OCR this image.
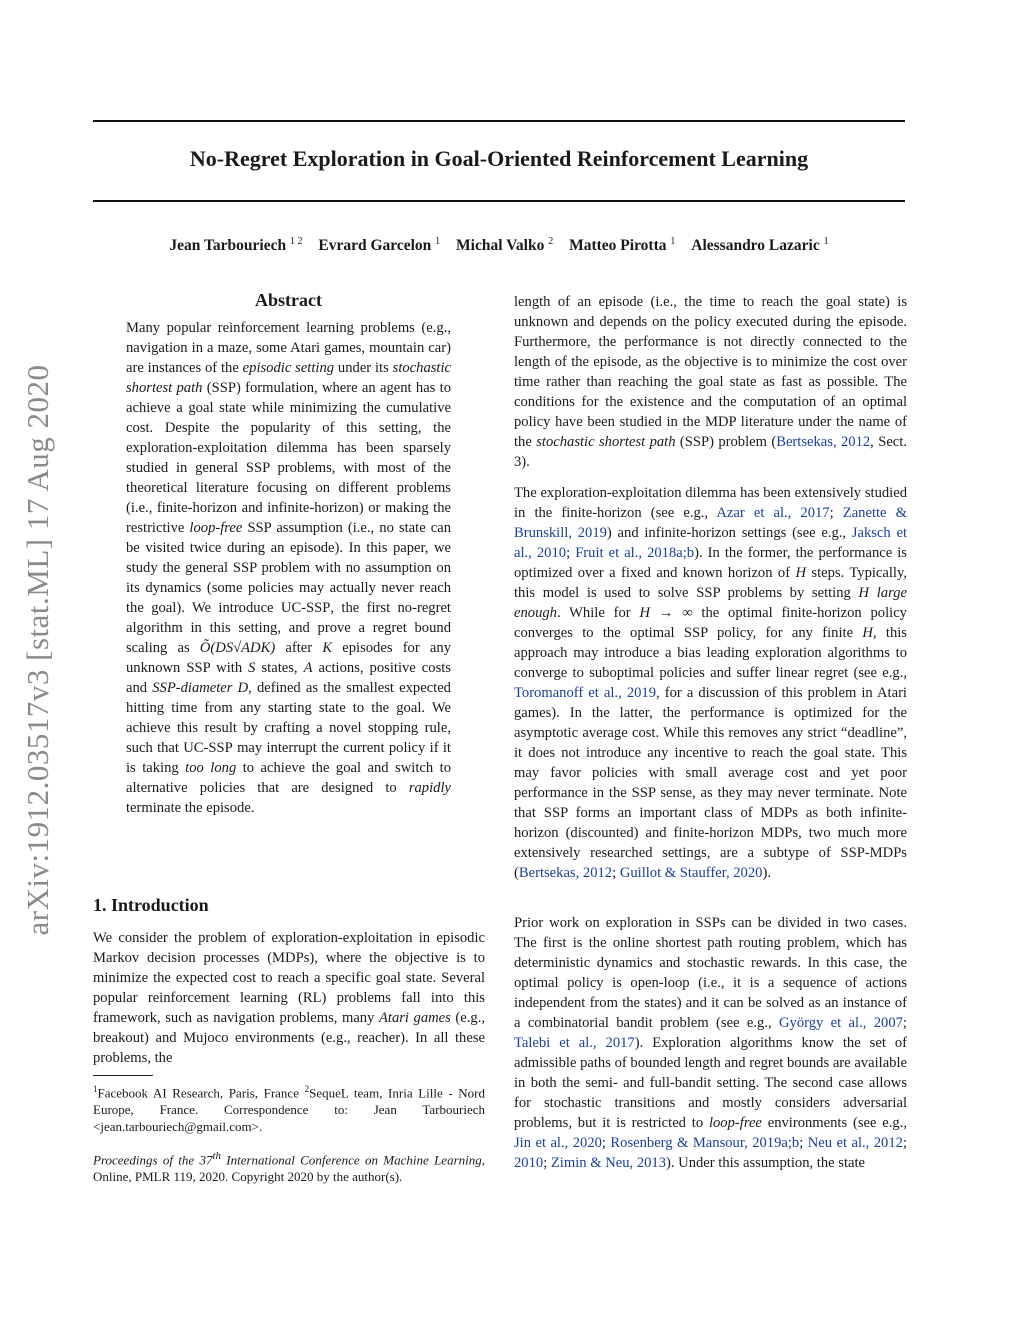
arXiv:1912.03517v3 [stat.ML] 17 Aug 2020
No-Regret Exploration in Goal-Oriented Reinforcement Learning
Jean Tarbouriech $^{1 2}$ Evrard Garcelon $^1$ Michal Valko $^2$ Matteo Pirotta $^1$ Alessandro Lazaric $^1$
Abstract

Many popular reinforcement learning problems (e.g., navigation in a maze, some Atari games, mountain car) are instances of the episodic setting under its stochastic shortest path (SSP) formulation, where an agent has to achieve a goal state while minimizing the cumulative cost. Despite the popularity of this setting, the exploration-exploitation dilemma has been sparsely studied in general SSP problems, with most of the theoretical literature focusing on different problems (i.e., finite-horizon and infinite-horizon) or making the restrictive loop-free SSP assumption (i.e., no state can be visited twice during an episode). In this paper, we study the general SSP problem with no assumption on its dynamics (some policies may actually never reach the goal). We introduce UC-SSP, the first no-regret algorithm in this setting, and prove a regret bound scaling as Õ(DS√ADK) after K episodes for any unknown SSP with S states, A actions, positive costs and SSP-diameter D, defined as the smallest expected hitting time from any starting state to the goal. We achieve this result by crafting a novel stopping rule, such that UC-SSP may interrupt the current policy if it is taking too long to achieve the goal and switch to alternative policies that are designed to rapidly terminate the episode.

1. Introduction

We consider the problem of exploration-exploitation in episodic Markov decision processes (MDPs), where the objective is to minimize the expected cost to reach a specific goal state. Several popular reinforcement learning (RL) problems fall into this framework, such as navigation problems, many Atari games (e.g., breakout) and Mujoco environments (e.g., reacher). In all these problems, the

$^1$Facebook AI Research, Paris, France $^2$SequeL team, Inria Lille - Nord Europe, France. Correspondence to: Jean Tarbouriech <jean.tarbouriech@gmail.com>.

Proceedings of the 37th International Conference on Machine Learning, Online, PMLR 119, 2020. Copyright 2020 by the author(s).

length of an episode (i.e., the time to reach the goal state) is unknown and depends on the policy executed during the episode. Furthermore, the performance is not directly connected to the length of the episode, as the objective is to minimize the cost over time rather than reaching the goal state as fast as possible. The conditions for the existence and the computation of an optimal policy have been studied in the MDP literature under the name of the stochastic shortest path (SSP) problem (Bertsekas, 2012, Sect. 3).

The exploration-exploitation dilemma has been extensively studied in the finite-horizon (see e.g., Azar et al., 2017; Zanette & Brunskill, 2019) and infinite-horizon settings (see e.g., Jaksch et al., 2010; Fruit et al., 2018a;b). In the former, the performance is optimized over a fixed and known horizon of H steps. Typically, this model is used to solve SSP problems by setting H large enough. While for H → ∞ the optimal finite-horizon policy converges to the optimal SSP policy, for any finite H, this approach may introduce a bias leading exploration algorithms to converge to suboptimal policies and suffer linear regret (see e.g., Toromanoff et al., 2019, for a discussion of this problem in Atari games). In the latter, the performance is optimized for the asymptotic average cost. While this removes any strict “deadline”, it does not introduce any incentive to reach the goal state. This may favor policies with small average cost and yet poor performance in the SSP sense, as they may never terminate. Note that SSP forms an important class of MDPs as both infinite-horizon (discounted) and finite-horizon MDPs, two much more extensively researched settings, are a subtype of SSP-MDPs (Bertsekas, 2012; Guillot & Stauffer, 2020).

Prior work on exploration in SSPs can be divided in two cases. The first is the online shortest path routing problem, which has deterministic dynamics and stochastic rewards. In this case, the optimal policy is open-loop (i.e., it is a sequence of actions independent from the states) and it can be solved as an instance of a combinatorial bandit problem (see e.g., György et al., 2007; Talebi et al., 2017). Exploration algorithms know the set of admissible paths of bounded length and regret bounds are available in both the semi- and full-bandit setting. The second case allows for stochastic transitions and mostly considers adversarial problems, but it is restricted to loop-free environments (see e.g., Jin et al., 2020; Rosenberg & Mansour, 2019a;b; Neu et al., 2012; 2010; Zimin & Neu, 2013). Under this assumption, the state
